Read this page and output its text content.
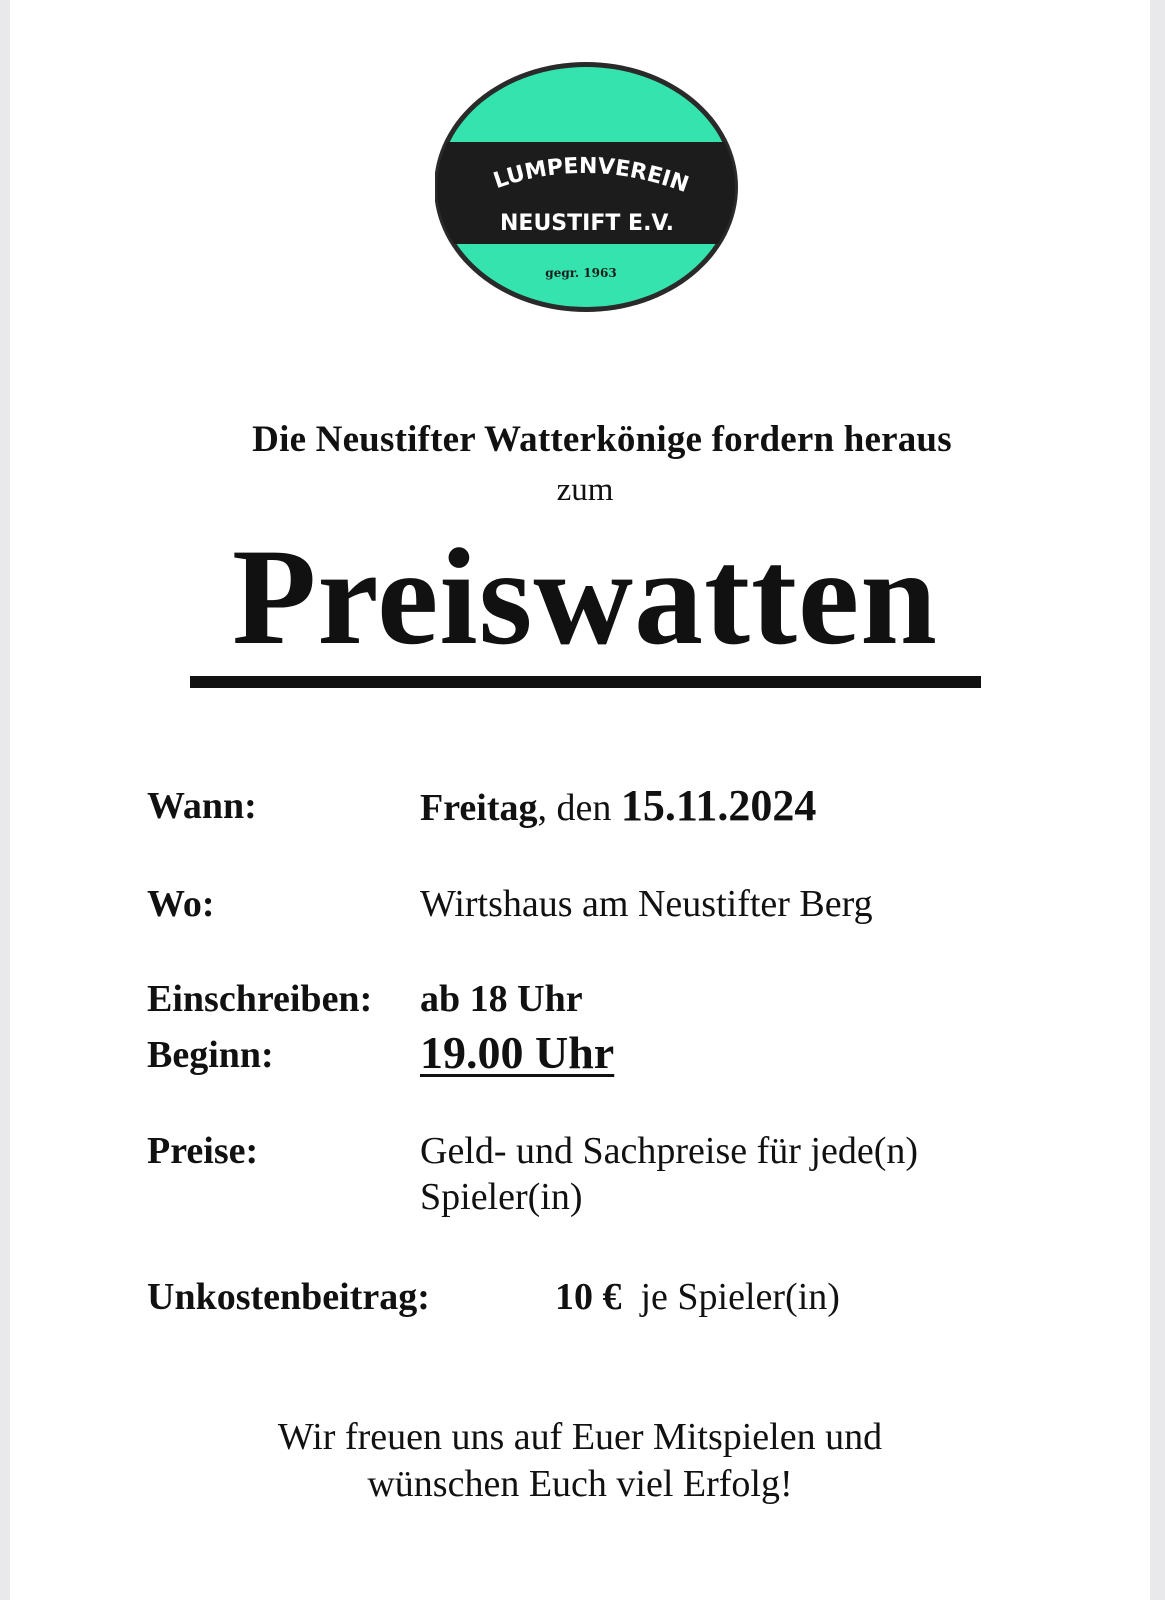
LUMPENVEREIN
NEUSTIFT E.V.
gegr. 1963
Die Neustifter Watterkönige fordern heraus
zum
Preiswatten
Wann:	Freitag, den 15.11.2024
Wo:	Wirtshaus am Neustifter Berg
Einschreiben: ab 18 Uhr
Beginn:	19.00 Uhr
Preise:	Geld- und Sachpreise für jede(n)
Spieler(in)
Unkostenbeitrag:	10 € je Spieler(in)
Wir freuen uns auf Euer Mitspielen und
wünschen Euch viel Erfolg!
